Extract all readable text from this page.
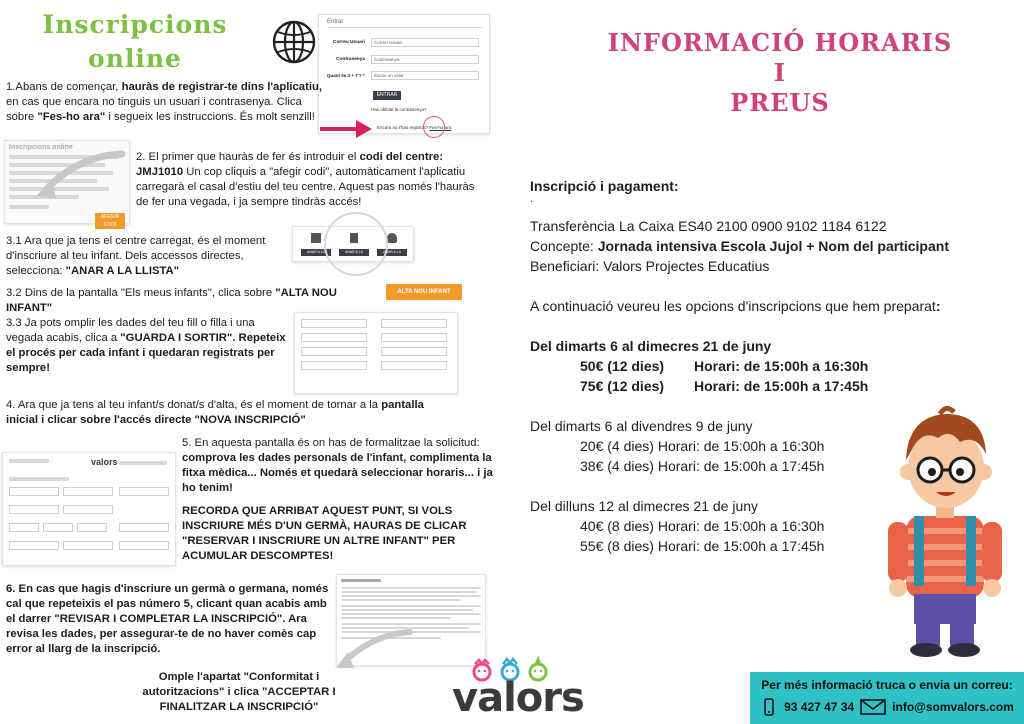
Inscripcions
online
Entrar
Correu Usuari Correu Usuari
Contrasenya Contrasenya
Quant és 3 + 7 ? * Escriu un valor
ENTRAR
Has oblidat la contrasenya?
Encara no t'has registrat? Fes-ho ara
1.Abans de començar, hauràs de registrar-te dins l'aplicatiu, en cas que encara no tinguis un usuari i contrasenya. Clica sobre "Fes-ho ara" i segueix les instruccions. És molt senzill!
Inscripcions online
AFEGIR CODI
2. El primer que hauràs de fer és introduir el codi del centre: JMJ1010 Un cop cliquis a "afegir codi", automàticament l'aplicatiu carregarà el casal d'estiu del teu centre. Aquest pas només l'hauràs de fer una vegada, i ja sempre tindràs accés!
ANAR A LA LLISTA
ANAR A LA LLISTA
ANAR A LA LLISTA
3.1 Ara que ja tens el centre carregat, és el moment d'inscriure al teu infant. Dels accessos directes, selecciona: "ANAR A LA LLISTA"
3.2 Dins de la pantalla "Els meus infants", clica sobre "ALTA NOU INFANT"
ALTA NOU INFANT
3.3 Ja pots omplir les dades del teu fill o filla i una vegada acabis, clica a "GUARDA I SORTIR". Repeteix el procés per cada infant i quedaran registrats per sempre!
4. Ara que ja tens al teu infant/s donat/s d'alta, és el moment de tornar a la pantalla inicial i clicar sobre l'accés directe "NOVA INSCRIPCIÓ"
valors
5. En aquesta pantalla és on has de formalitzae la solicitud: comprova les dades personals de l'infant, complimenta la fitxa mèdica... Només et quedarà seleccionar horaris... i ja ho tenim!
RECORDA QUE ARRIBAT AQUEST PUNT, SI VOLS INSCRIURE MÉS D'UN GERMÀ, HAURAS DE CLICAR "RESERVAR I INSCRIURE UN ALTRE INFANT" PER ACUMULAR DESCOMPTES!
6. En cas que hagis d'inscriure un germà o germana, només cal que repeteixis el pas número 5, clicant quan acabis amb el darrer "REVISAR I COMPLETAR LA INSCRIPCIÓ". Ara revisa les dades, per assegurar-te de no haver comès cap error al llarg de la inscripció.
Omple l'apartat "Conformitat i autoritzacions" i clica "ACCEPTAR I FINALITZAR LA INSCRIPCIÓ"	valors
INFORMACIÓ HORARIS I
PREUS
Inscripció i pagament:
.
Transferència La Caixa ES40 2100 0900 9102 1184 6122
Concepte: Jornada intensiva Escola Jujol + Nom del participant
Beneficiari: Valors Projectes Educatius
A continuació veureu les opcions d'inscripcions que hem preparat:
Del dimarts 6 al dimecres 21 de juny
50€ (12 dies) Horari: de 15:00h a 16:30h
75€ (12 dies) Horari: de 15:00h a 17:45h
Del dimarts 6 al divendres 9 de juny
20€ (4 dies) Horari: de 15:00h a 16:30h
38€ (4 dies) Horari: de 15:00h a 17:45h
Del dilluns 12 al dimecres 21 de juny
40€ (8 dies) Horari: de 15:00h a 16:30h
55€ (8 dies) Horari: de 15:00h a 17:45h
Per més informació truca o envia un correu:
93 427 47 34	info@somvalors.com
